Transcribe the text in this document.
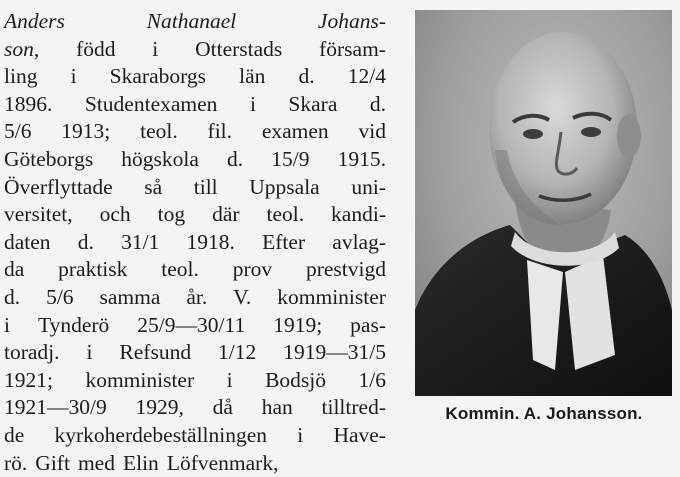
Anders	Nathanael	Johans-
son, född i Otterstads försam-
ling i Skaraborgs län d. 12/4
1896. Studentexamen i Skara d.
5/6 1913; teol. fil. examen vid
Göteborgs högskola d. 15/9 1915.
Överflyttade så till Uppsala uni-
versitet, och tog där teol. kandi-
daten d. 31/1 1918. Efter avlag-
da praktisk teol. prov prestvigd
d. 5/6 samma år. V. komminister
i Tynderö 25/9—30/11 1919; pas-
toradj. i Refsund 1/12 1919—31/5
1921; komminister i Bodsjö 1/6
1921—30/9 1929, då han tilltred-
de kyrkoherdebeställningen i Have-
rö. Gift med Elin Löfvenmark,
Kommin. A. Johansson.
